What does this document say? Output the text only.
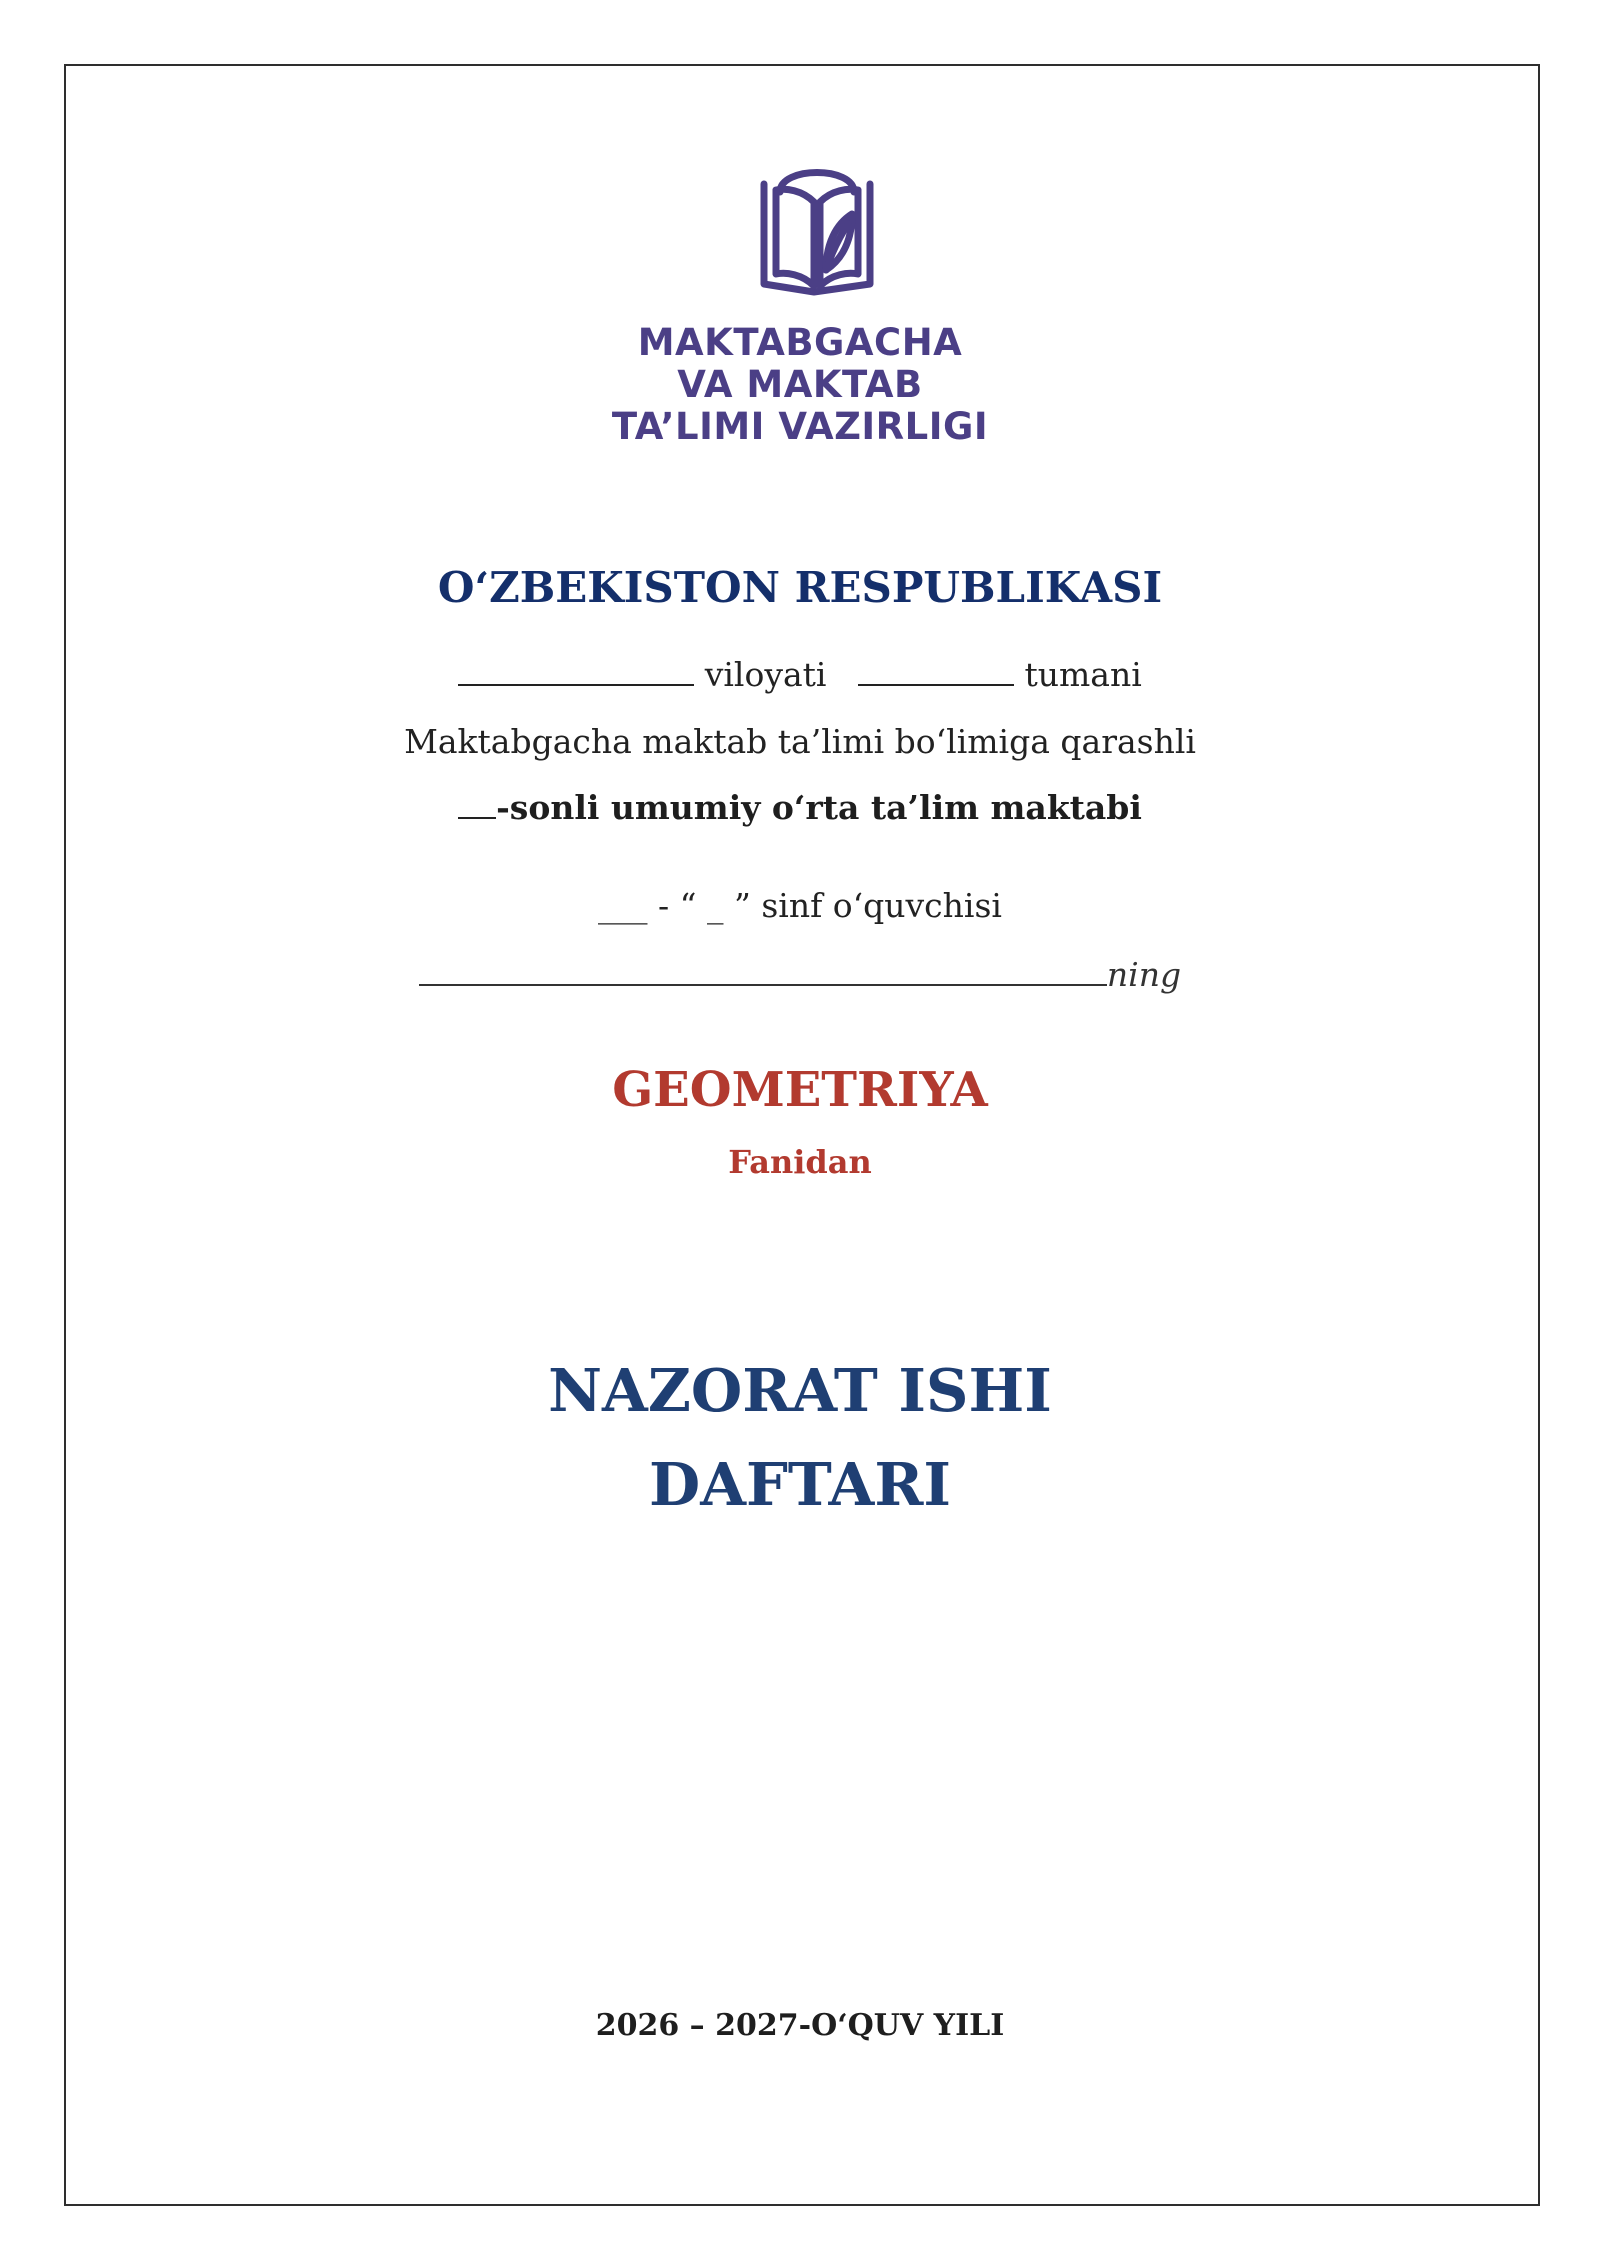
MAKTABGACHA
VA MAKTAB
TA’LIMI VAZIRLIGI
O‘ZBEKISTON RESPUBLIKASI
viloyati	tumani
Maktabgacha maktab ta’limi bo‘limiga qarashli
-sonli umumiy o‘rta ta’lim maktabi
___ - “ _ ” sinf o‘quvchisi
ning
GEOMETRIYA
Fanidan
NAZORAT ISHI
DAFTARI
2026 – 2027-O‘QUV YILI
